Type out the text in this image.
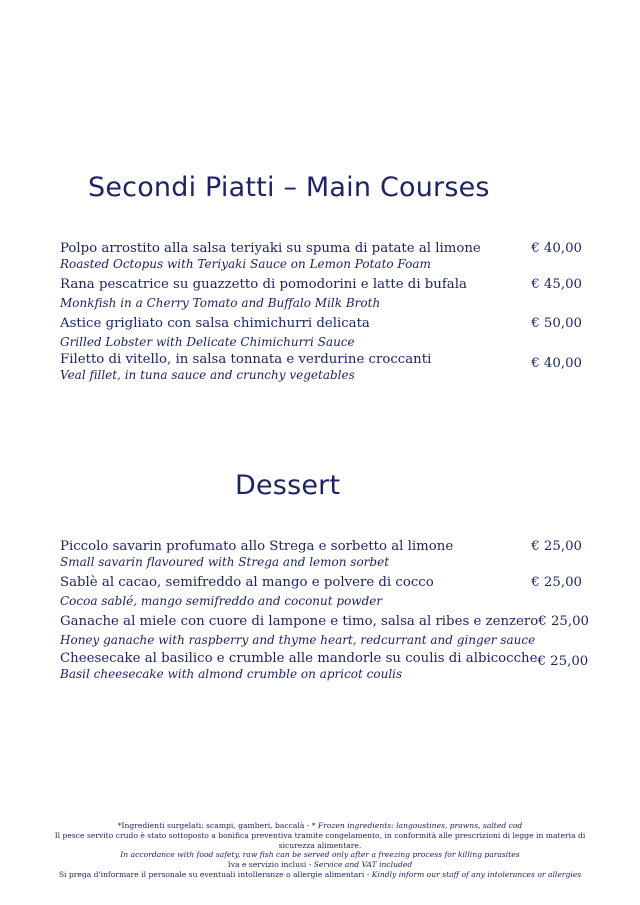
Secondi Piatti – Main Courses
Polpo arrostito alla salsa teriyaki su spuma di patate al limone	€ 40,00
Roasted Octopus with Teriyaki Sauce on Lemon Potato Foam
Rana pescatrice su guazzetto di pomodorini e latte di bufala	€ 45,00
Monkfish in a Cherry Tomato and Buffalo Milk Broth
Astice grigliato con salsa chimichurri delicata	€ 50,00
Grilled Lobster with Delicate Chimichurri Sauce
Filetto di vitello, in salsa tonnata e verdurine croccanti	€ 40,00
Veal fillet, in tuna sauce and crunchy vegetables
Dessert
Piccolo savarin profumato allo Strega e sorbetto al limone	€ 25,00
Small savarin flavoured with Strega and lemon sorbet
Sablè al cacao, semifreddo al mango e polvere di cocco	€ 25,00
Cocoa sablé, mango semifreddo and coconut powder
Ganache al miele con cuore di lampone e timo, salsa al ribes e zenzero € 25,00
Honey ganache with raspberry and thyme heart, redcurrant and ginger sauce
Cheesecake al basilico e crumble alle mandorle su coulis di albicocche € 25,00
Basil cheesecake with almond crumble on apricot coulis
*Ingredienti surgelati: scampi, gamberi, baccalà - * Frozen ingredients: langoustines, prawns, salted cod
Il pesce servito crudo è stato sottoposto a bonifica preventiva tramite congelamento, in conformità alle prescrizioni di legge in materia di sicurezza alimentare.
In accordance with food safety, raw fish can be served only after a freezing process for killing parasites
Iva e servizio inclusi - Service and VAT included
Si prega d'informare il personale su eventuali intolleranze o allergie alimentari - Kindly inform our staff of any intolerances or allergies
